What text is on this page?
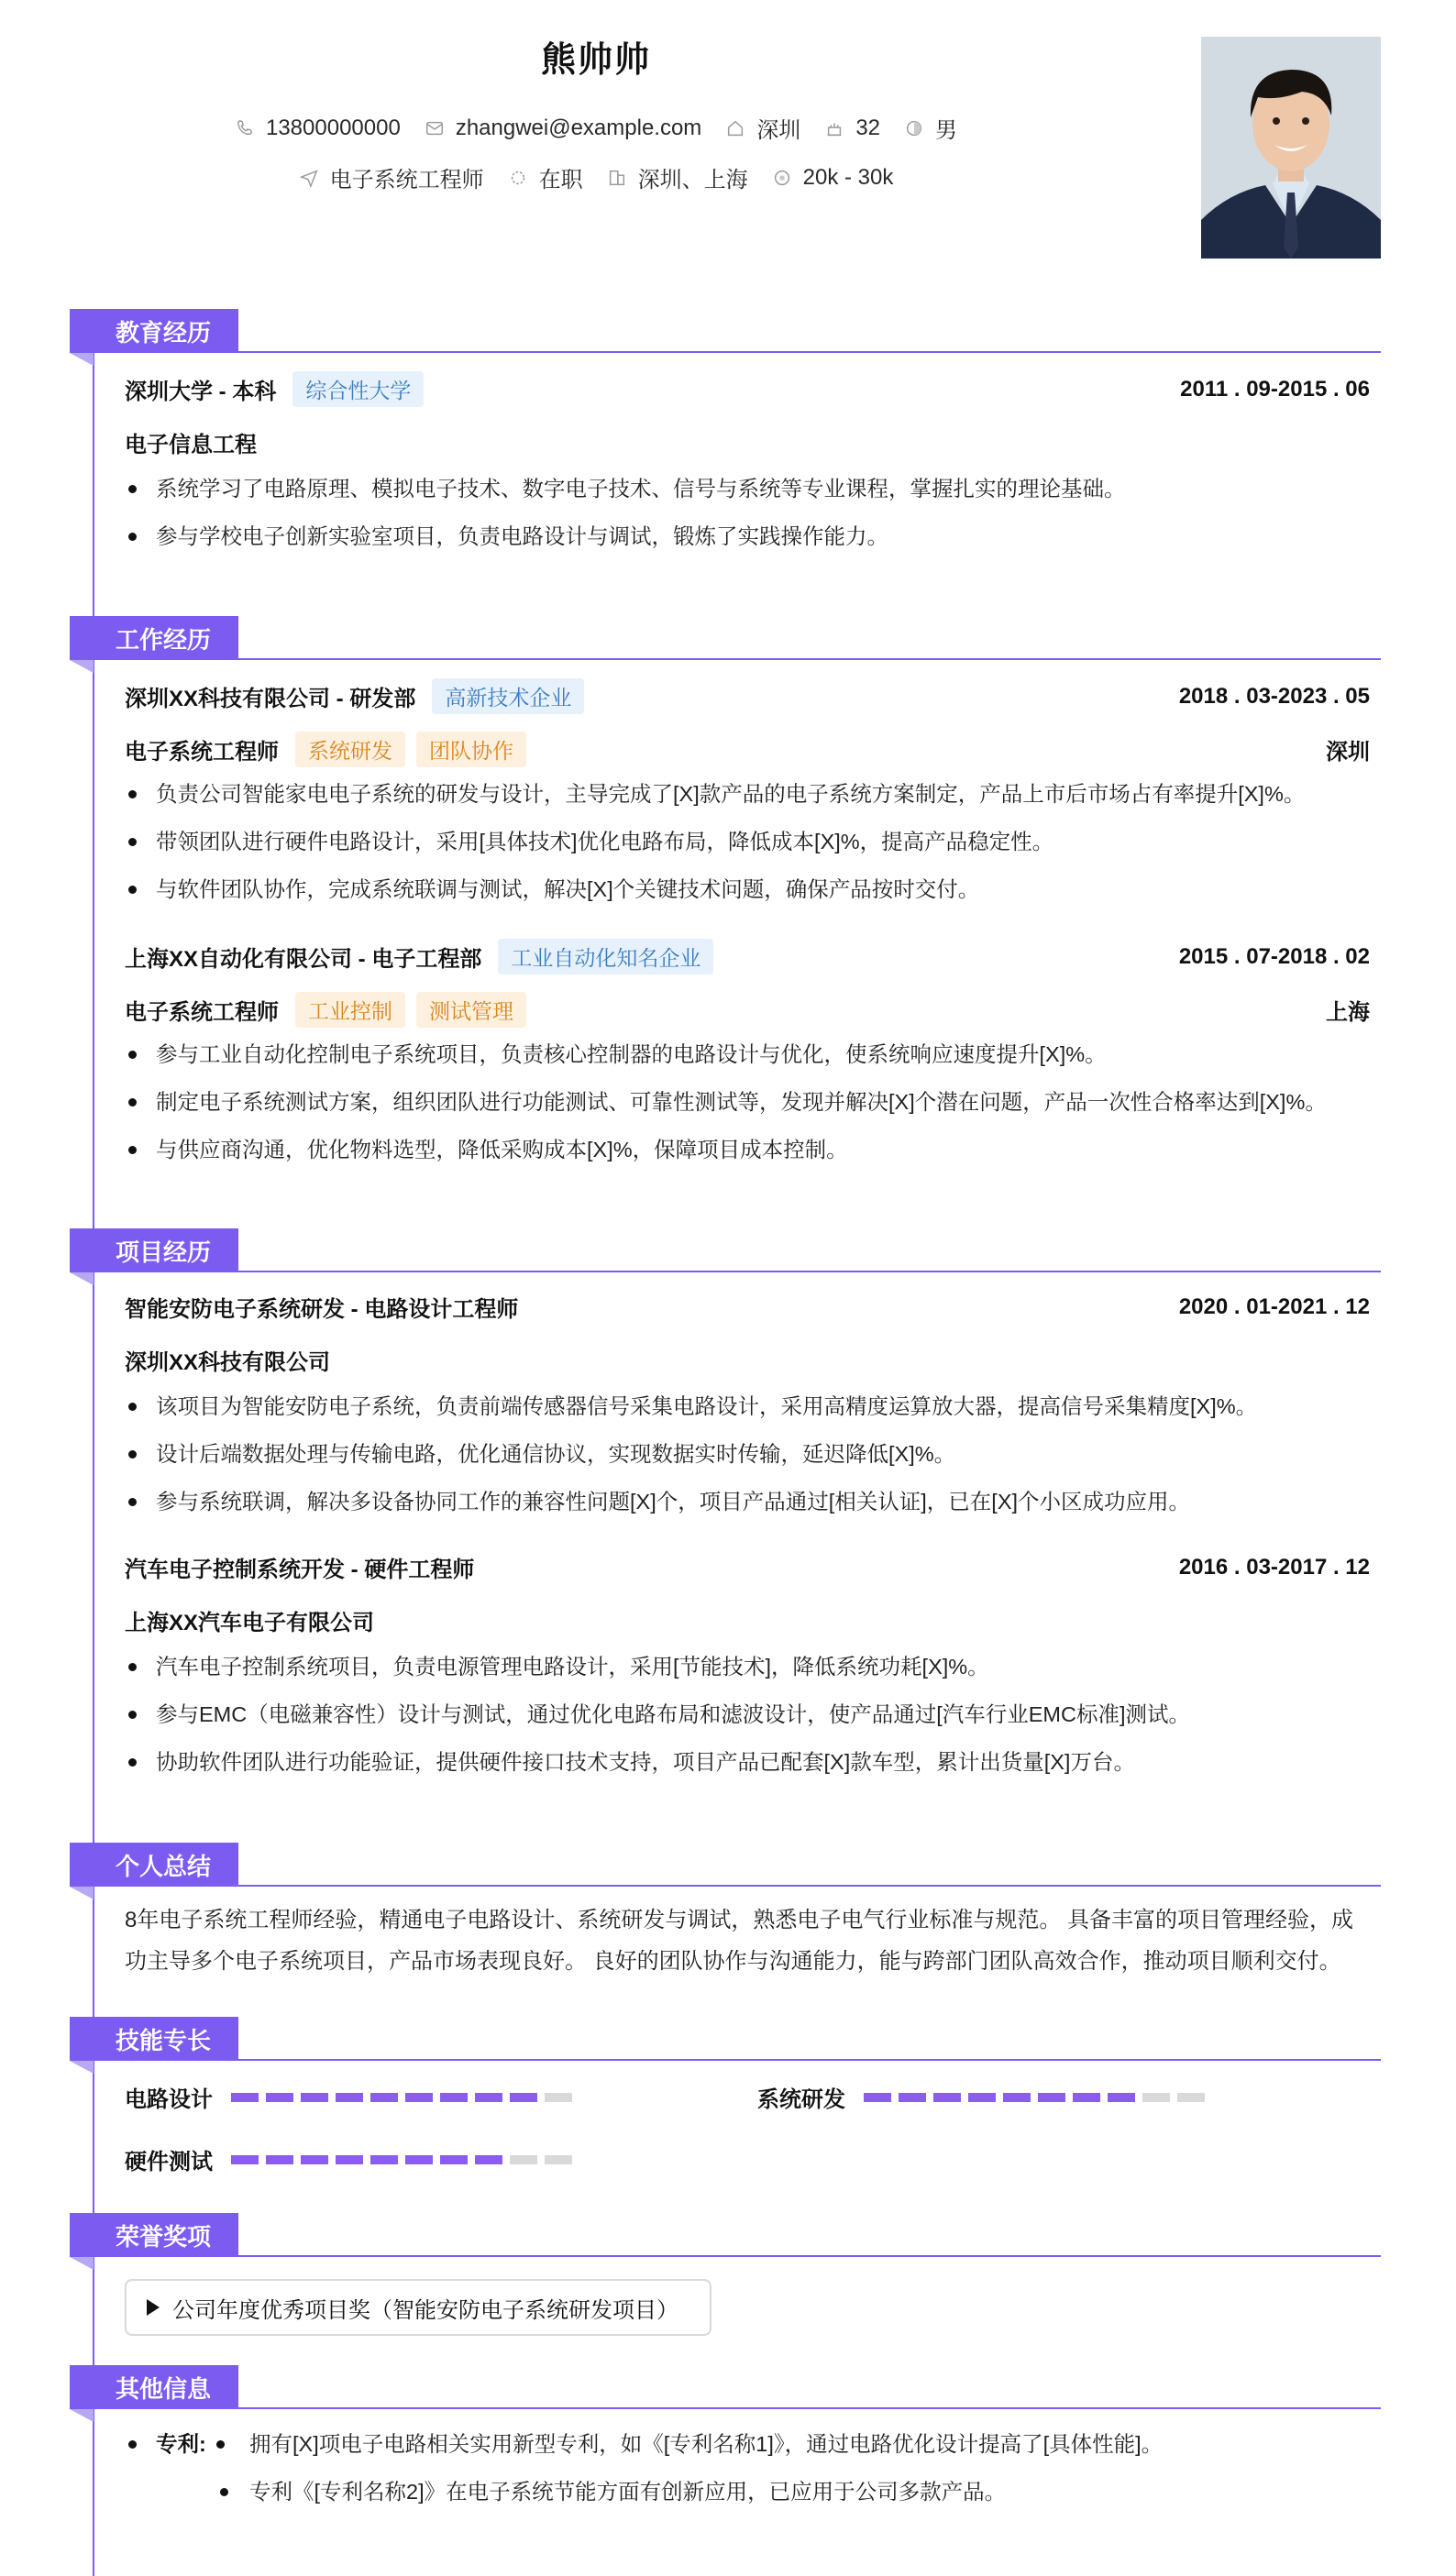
熊帅帅
13800000000	zhangwei@example.com	深圳	32	男
电子系统工程师	在职	深圳、上海	20k - 30k
教育经历
深圳大学 - 本科	综合性大学	2011 . 09-2015 . 06
电子信息工程
系统学习了电路原理、模拟电子技术、数字电子技术、信号与系统等专业课程，掌握扎实的理论基础。
参与学校电子创新实验室项目，负责电路设计与调试，锻炼了实践操作能力。
工作经历
深圳XX科技有限公司 - 研发部	高新技术企业	2018 . 03-2023 . 05
电子系统工程师	系统研发	团队协作	深圳
负责公司智能家电电子系统的研发与设计，主导完成了[X]款产品的电子系统方案制定，产品上市后市场占有率提升[X]%。
带领团队进行硬件电路设计，采用[具体技术]优化电路布局，降低成本[X]%，提高产品稳定性。
与软件团队协作，完成系统联调与测试，解决[X]个关键技术问题，确保产品按时交付。
上海XX自动化有限公司 - 电子工程部	工业自动化知名企业	2015 . 07-2018 . 02
电子系统工程师	工业控制	测试管理	上海
参与工业自动化控制电子系统项目，负责核心控制器的电路设计与优化，使系统响应速度提升[X]%。
制定电子系统测试方案，组织团队进行功能测试、可靠性测试等，发现并解决[X]个潜在问题，产品一次性合格率达到[X]%。
与供应商沟通，优化物料选型，降低采购成本[X]%，保障项目成本控制。
项目经历
智能安防电子系统研发 - 电路设计工程师	2020 . 01-2021 . 12
深圳XX科技有限公司
该项目为智能安防电子系统，负责前端传感器信号采集电路设计，采用高精度运算放大器，提高信号采集精度[X]%。
设计后端数据处理与传输电路，优化通信协议，实现数据实时传输，延迟降低[X]%。
参与系统联调，解决多设备协同工作的兼容性问题[X]个，项目产品通过[相关认证]，已在[X]个小区成功应用。
汽车电子控制系统开发 - 硬件工程师	2016 . 03-2017 . 12
上海XX汽车电子有限公司
汽车电子控制系统项目，负责电源管理电路设计，采用[节能技术]，降低系统功耗[X]%。
参与EMC（电磁兼容性）设计与测试，通过优化电路布局和滤波设计，使产品通过[汽车行业EMC标准]测试。
协助软件团队进行功能验证，提供硬件接口技术支持，项目产品已配套[X]款车型，累计出货量[X]万台。
个人总结
8年电子系统工程师经验，精通电子电路设计、系统研发与调试，熟悉电子电气行业标准与规范。 具备丰富的项目管理经验，成
功主导多个电子系统项目，产品市场表现良好。 良好的团队协作与沟通能力，能与跨部门团队高效合作，推动项目顺利交付。
技能专长
电路设计	系统研发
硬件测试
荣誉奖项
公司年度优秀项目奖（智能安防电子系统研发项目）
其他信息
专利: 拥有[X]项电子电路相关实用新型专利，如《[专利名称1]》，通过电路优化设计提高了[具体性能]。
专利《[专利名称2]》在电子系统节能方面有创新应用，已应用于公司多款产品。
